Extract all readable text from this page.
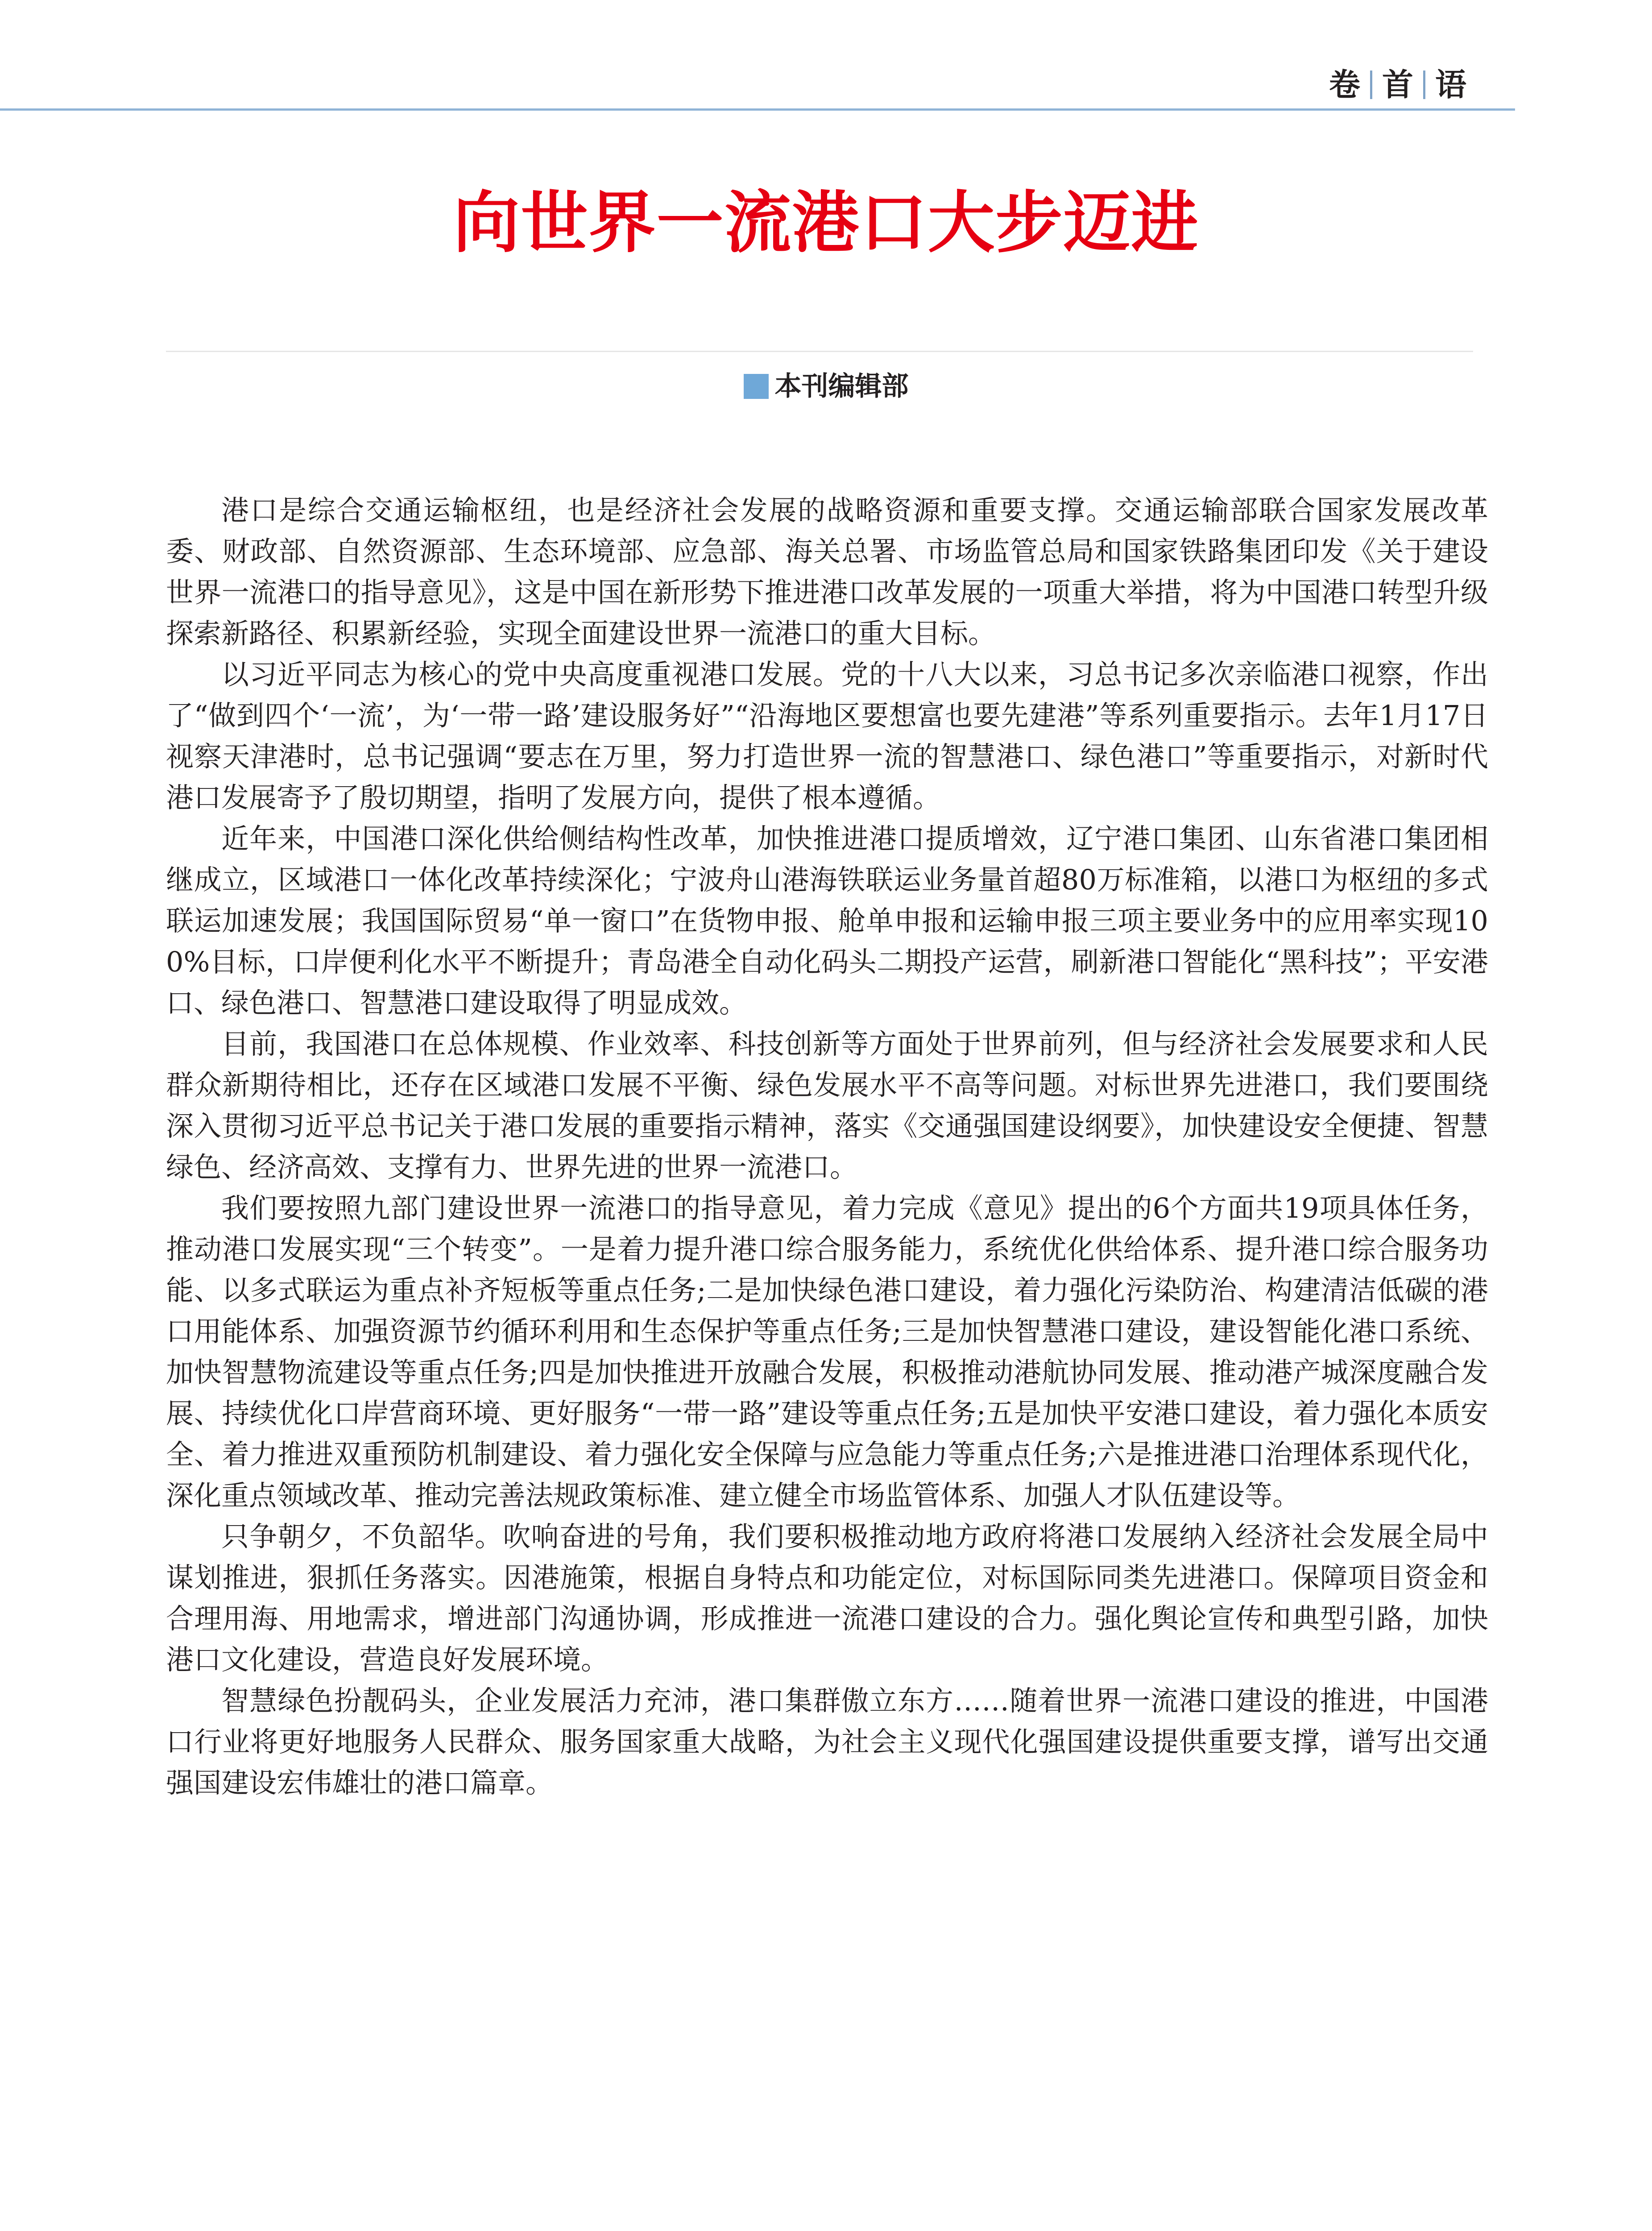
卷 首 语
向世界一流港口大步迈进
本刊编辑部

港口是综合交通运输枢纽，也是经济社会发展的战略资源和重要支撑。交通运输部联合国家发展改革委、财政部、自然资源部、生态环境部、应急部、海关总署、市场监管总局和国家铁路集团印发《关于建设世界一流港口的指导意见》，这是中国在新形势下推进港口改革发展的一项重大举措，将为中国港口转型升级探索新路径、积累新经验，实现全面建设世界一流港口的重大目标。

以习近平同志为核心的党中央高度重视港口发展。党的十八大以来，习总书记多次亲临港口视察，作出了“做到四个‘一流’，为‘一带一路’建设服务好”“沿海地区要想富也要先建港”等系列重要指示。去年1月17日视察天津港时，总书记强调“要志在万里，努力打造世界一流的智慧港口、绿色港口”等重要指示，对新时代港口发展寄予了殷切期望，指明了发展方向，提供了根本遵循。

近年来，中国港口深化供给侧结构性改革，加快推进港口提质增效，辽宁港口集团、山东省港口集团相继成立，区域港口一体化改革持续深化；宁波舟山港海铁联运业务量首超80万标准箱，以港口为枢纽的多式联运加速发展；我国国际贸易“单一窗口”在货物申报、舱单申报和运输申报三项主要业务中的应用率实现100%目标，口岸便利化水平不断提升；青岛港全自动化码头二期投产运营，刷新港口智能化“黑科技”；平安港口、绿色港口、智慧港口建设取得了明显成效。

目前，我国港口在总体规模、作业效率、科技创新等方面处于世界前列，但与经济社会发展要求和人民群众新期待相比，还存在区域港口发展不平衡、绿色发展水平不高等问题。对标世界先进港口，我们要围绕深入贯彻习近平总书记关于港口发展的重要指示精神，落实《交通强国建设纲要》，加快建设安全便捷、智慧绿色、经济高效、支撑有力、世界先进的世界一流港口。

我们要按照九部门建设世界一流港口的指导意见，着力完成《意见》提出的6个方面共19项具体任务，推动港口发展实现“三个转变”。一是着力提升港口综合服务能力，系统优化供给体系、提升港口综合服务功能、以多式联运为重点补齐短板等重点任务;二是加快绿色港口建设，着力强化污染防治、构建清洁低碳的港口用能体系、加强资源节约循环利用和生态保护等重点任务;三是加快智慧港口建设，建设智能化港口系统、加快智慧物流建设等重点任务;四是加快推进开放融合发展，积极推动港航协同发展、推动港产城深度融合发展、持续优化口岸营商环境、更好服务“一带一路”建设等重点任务;五是加快平安港口建设，着力强化本质安全、着力推进双重预防机制建设、着力强化安全保障与应急能力等重点任务;六是推进港口治理体系现代化，深化重点领域改革、推动完善法规政策标准、建立健全市场监管体系、加强人才队伍建设等。

只争朝夕，不负韶华。吹响奋进的号角，我们要积极推动地方政府将港口发展纳入经济社会发展全局中谋划推进，狠抓任务落实。因港施策，根据自身特点和功能定位，对标国际同类先进港口。保障项目资金和合理用海、用地需求，增进部门沟通协调，形成推进一流港口建设的合力。强化舆论宣传和典型引路，加快港口文化建设，营造良好发展环境。

智慧绿色扮靓码头，企业发展活力充沛，港口集群傲立东方……随着世界一流港口建设的推进，中国港口行业将更好地服务人民群众、服务国家重大战略，为社会主义现代化强国建设提供重要支撑，谱写出交通强国建设宏伟雄壮的港口篇章。
